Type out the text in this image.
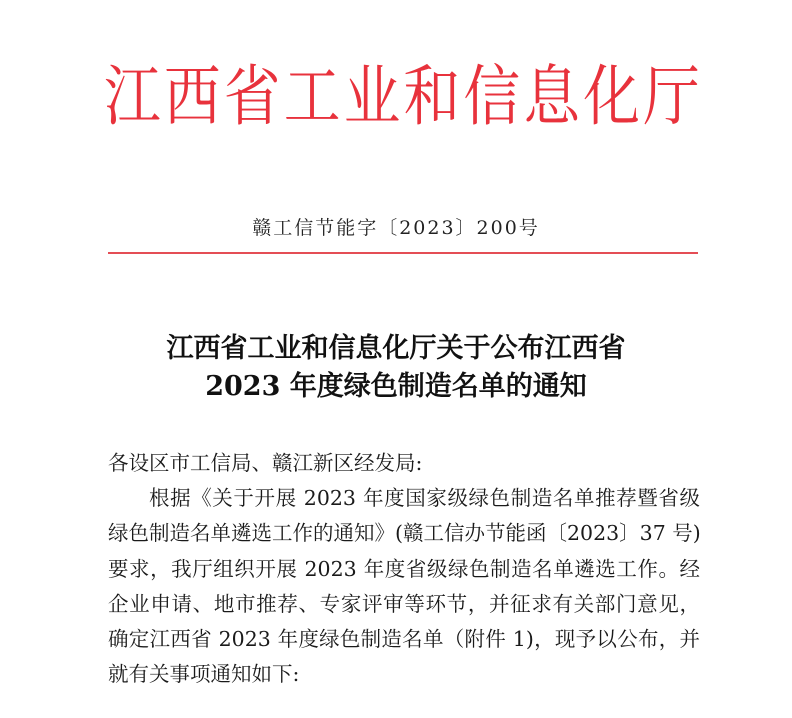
江 西 省 工 业 和 信 息 化 厅
赣工信节能字〔2023〕200号
江西省工业和信息化厅关于公布江西省
2023 年度绿色制造名单的通知
各设区市工信局、赣江新区经发局:
根据《关于开展 2023 年度国家级绿色制造名单推荐暨省级
绿色制造名单遴选工作的通知》(赣工信办节能函〔2023〕37 号)
要求，我厅组织开展 2023 年度省级绿色制造名单遴选工作。经
企业申请、地市推荐、专家评审等环节，并征求有关部门意见，
确定江西省 2023 年度绿色制造名单（附件 1)，现予以公布，并
就有关事项通知如下:
